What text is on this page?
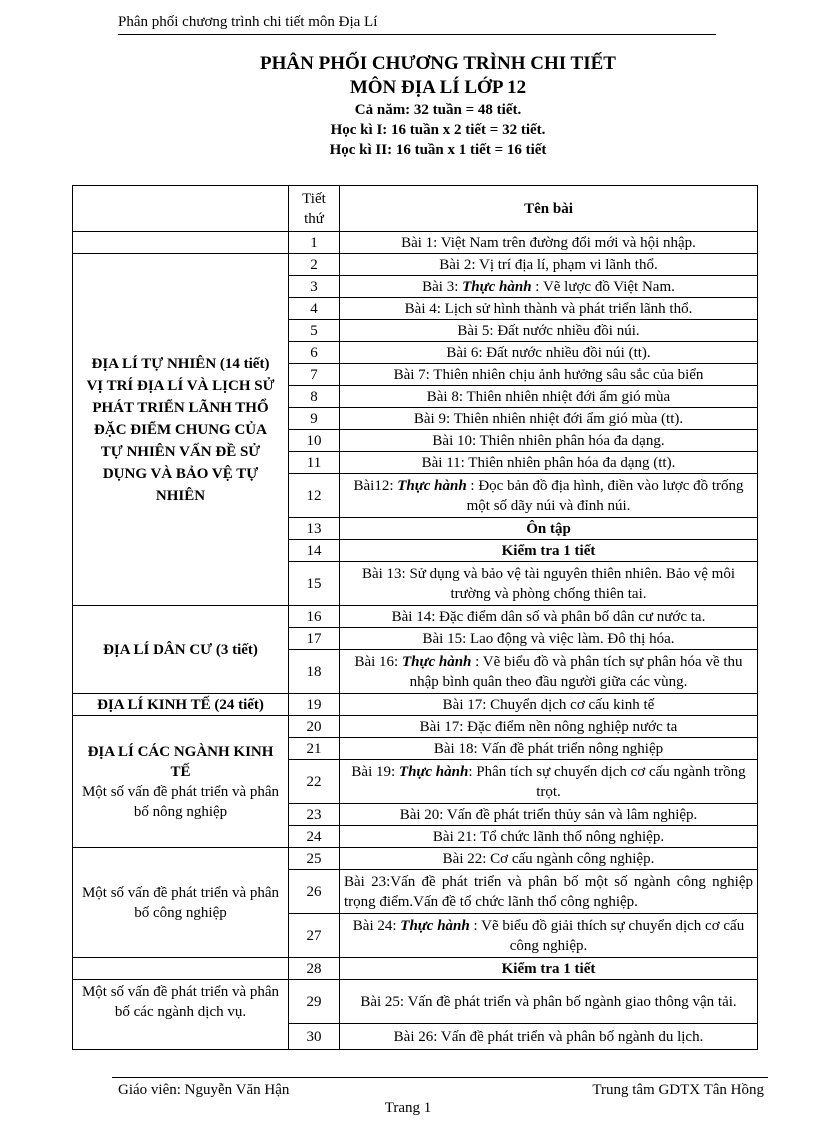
Phân phối chương trình chi tiết môn Địa Lí
PHÂN PHỐI CHƯƠNG TRÌNH CHI TIẾT
MÔN ĐỊA LÍ LỚP 12
Cả năm: 32 tuần = 48 tiết.
Học kì I: 16 tuần x 2 tiết = 32 tiết.
Học kì II: 16 tuần x 1 tiết = 16 tiết
	Tiết thứ	Tên bài
	1	Bài 1: Việt Nam trên đường đổi mới và hội nhập.
ĐỊA LÍ TỰ NHIÊN (14 tiết) VỊ TRÍ ĐỊA LÍ VÀ LỊCH SỬ PHÁT TRIỂN LÃNH THỔ ĐẶC ĐIỂM CHUNG CỦA TỰ NHIÊN VẤN ĐỀ SỬ DỤNG VÀ BẢO VỆ TỰ NHIÊN	2	Bài 2: Vị trí địa lí, phạm vi lãnh thổ.
	3	Bài 3: Thực hành : Vẽ lược đồ Việt Nam.
	4	Bài 4: Lịch sử hình thành và phát triển lãnh thổ.
	5	Bài 5: Đất nước nhiều đồi núi.
	6	Bài 6: Đất nước nhiều đồi núi (tt).
	7	Bài 7: Thiên nhiên chịu ảnh hưởng sâu sắc của biển
	8	Bài 8: Thiên nhiên nhiệt đới ẩm gió mùa
	9	Bài 9: Thiên nhiên nhiệt đới ẩm gió mùa (tt).
	10	Bài 10: Thiên nhiên phân hóa đa dạng.
	11	Bài 11: Thiên nhiên phân hóa đa dạng (tt).
	12	Bài12: Thực hành : Đọc bản đồ địa hình, điền vào lược đồ trống một số dãy núi và đỉnh núi.
	13	Ôn tập
	14	Kiểm tra 1 tiết
	15	Bài 13: Sử dụng và bảo vệ tài nguyên thiên nhiên. Bảo vệ môi trường và phòng chống thiên tai.
ĐỊA LÍ DÂN CƯ (3 tiết)	16	Bài 14: Đặc điểm dân số và phân bố dân cư nước ta.
	17	Bài 15: Lao động và việc làm. Đô thị hóa.
	18	Bài 16: Thực hành : Vẽ biểu đồ và phân tích sự phân hóa về thu nhập bình quân theo đầu người giữa các vùng.
ĐỊA LÍ KINH TẾ (24 tiết)	19	Bài 17: Chuyển dịch cơ cấu kinh tế

ĐỊA LÍ CÁC NGÀNH KINH TẾ
Một số vấn đề phát triển và phân bố nông nghiệp	20	Bài 17: Đặc điểm nền nông nghiệp nước ta
	21	Bài 18: Vấn đề phát triển nông nghiệp
	22	Bài 19: Thực hành: Phân tích sự chuyển dịch cơ cấu ngành trồng trọt.
	23	Bài 20: Vấn đề phát triển thủy sản và lâm nghiệp.
	24	Bài 21: Tổ chức lãnh thổ nông nghiệp.
Một số vấn đề phát triển và phân bố công nghiệp	25	Bài 22: Cơ cấu ngành công nghiệp.
	26	Bài 23:Vấn đề phát triển và phân bố một số ngành công nghiệp trọng điểm.Vấn đề tổ chức lãnh thổ công nghiệp.
	27	Bài 24: Thực hành : Vẽ biểu đồ giải thích sự chuyển dịch cơ cấu công nghiệp.
	28	Kiểm tra 1 tiết
Một số vấn đề phát triển và phân bố các ngành dịch vụ.	29	Bài 25: Vấn đề phát triển và phân bố ngành giao thông vận tải.
	30	Bài 26: Vấn đề phát triển và phân bố ngành du lịch.
Giáo viên: Nguyễn Văn Hận	Trung tâm GDTX Tân Hồng
Trang 1
